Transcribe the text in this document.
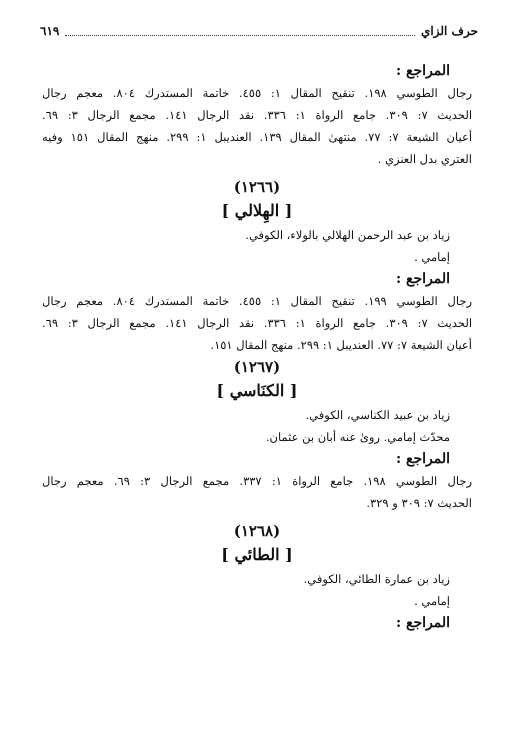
حرف الزاي
٦١٩
المراجع :
رجال الطوسي ١٩٨. تنقيح المقال ١: ٤٥٥. خاتمة المستدرك ٨٠٤. معجم رجال
الحديث ٧: ٣٠٩. جامع الرواة ١: ٣٣٦. نقد الرجال ١٤١. مجمع الرجال ٣: ٦٩.
أعيان الشيعة ٧: ٧٧. منتهىٰ المقال ١٣٩. العنديبل ١: ٢٩٩. منهج المقال ١٥١ وفيه
العتري بدل العنزي .
(١٢٦٦)
[ الهِلالي ]
زياد بن عبد الرحمن الهلالي بالولاء، الكوفي.
إمامي .
المراجع :
رجال الطوسي ١٩٩. تنقيح المقال ١: ٤٥٥. خاتمة المستدرك ٨٠٤. معجم رجال
الحديث ٧: ٣٠٩. جامع الرواة ١: ٣٣٦. نقد الرجال ١٤١. مجمع الرجال ٣: ٦٩.
أعيان الشيعة ٧: ٧٧. العنديبل ١: ٢٩٩. منهج المقال ١٥١.
(١٢٦٧)
[ الكنَاسي ]
زياد بن عبيد الكناسي، الكوفي.
محدّث إمامي. روىٰ عنه أبان بن عثمان.
المراجع :
رجال الطوسي ١٩٨. جامع الرواة ١: ٣٣٧. مجمع الرجال ٣: ٦٩. معجم رجال
الحديث ٧: ٣٠٩ و ٣٢٩.
(١٢٦٨)
[ الطائي ]
زياد بن عمارة الطائي، الكوفي.
إمامي .
المراجع :
